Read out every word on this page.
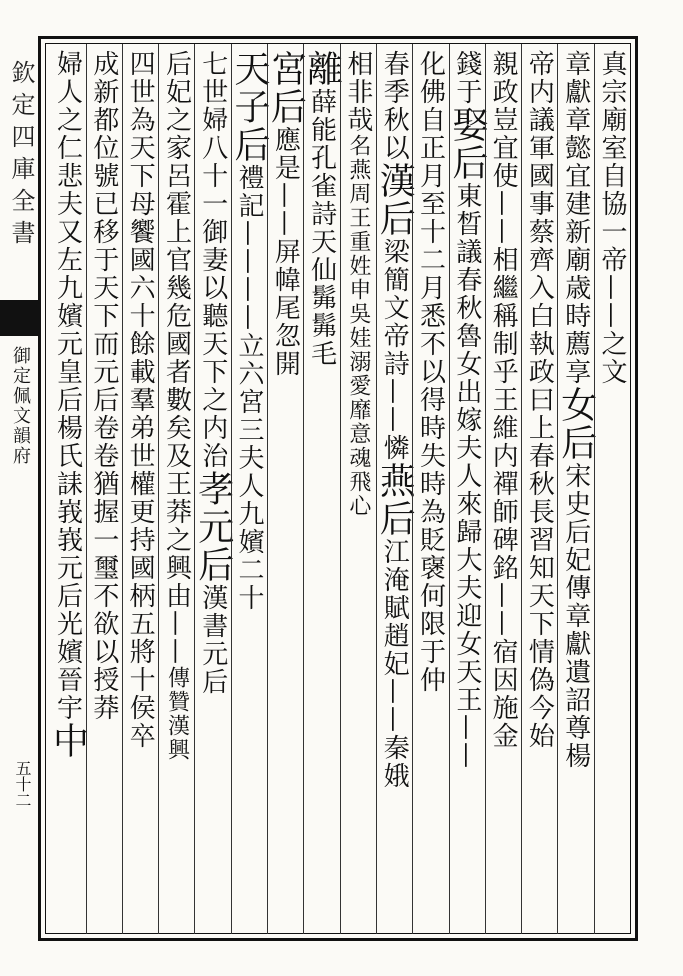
欽定四庫全書
御定佩文韻府
五十二
真宗廟室自協一帝——之文
章獻章懿宜建新廟歳時薦享女后宋史后妃傳章獻遺詔尊楊
帝内議軍國事蔡齊入白執政曰上春秋長習知天下情偽今始
親政豈宜使——相繼稱制乎王維内禪師碑銘——宿因施金
錢于娶后東晳議春秋魯女出嫁夫人來歸大夫迎女天王——
化佛自正月至十二月悉不以得時失時為貶襃何限于仲
春季秋以漢后梁簡文帝詩——憐燕后江淹賦趙妃——秦娥
相非哉名燕周王重姓申吳娃溺愛靡意魂飛心
離薛能孔雀詩天仙髴髴毛
宮后應是——屏幃尾忽開
天子后禮記————立六宮三夫人九嬪二十
七世婦八十一御妻以聽天下之内治孝元后漢書元后
后妃之家呂霍上官幾危國者數矣及王莽之興由——傳贊漢興
四世為天下母饗國六十餘載羣弟世權更持國柄五將十侯卒
成新都位號已移于天下而元后卷卷猶握一璽不欲以授莽
婦人之仁悲夫又左九嬪元皇后楊氏誄峩峩元后光嬪晉宇中
